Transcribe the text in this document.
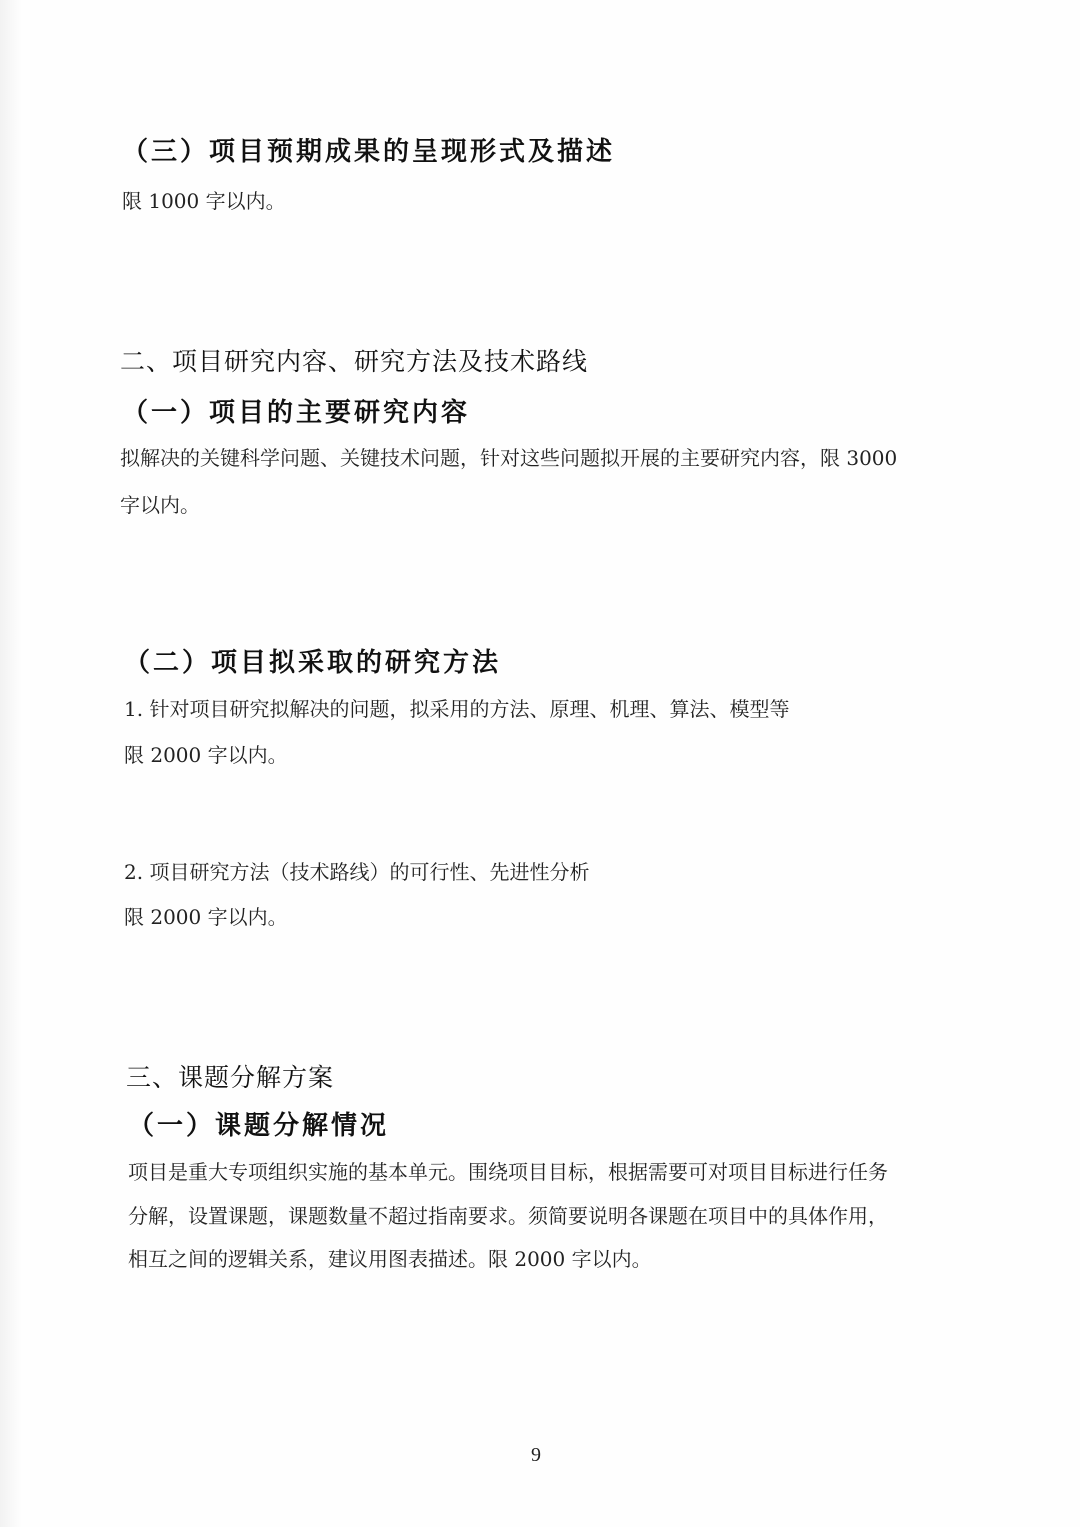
（三）项目预期成果的呈现形式及描述
限 1000 字以内。
二、项目研究内容、研究方法及技术路线
（一）项目的主要研究内容
拟解决的关键科学问题、关键技术问题，针对这些问题拟开展的主要研究内容，限 3000
字以内。
（二）项目拟采取的研究方法
1. 针对项目研究拟解决的问题，拟采用的方法、原理、机理、算法、模型等
限 2000 字以内。
2. 项目研究方法（技术路线）的可行性、先进性分析
限 2000 字以内。
三、课题分解方案
（一）课题分解情况
项目是重大专项组织实施的基本单元。围绕项目目标，根据需要可对项目目标进行任务
分解，设置课题，课题数量不超过指南要求。须简要说明各课题在项目中的具体作用，
相互之间的逻辑关系，建议用图表描述。限 2000 字以内。
9
